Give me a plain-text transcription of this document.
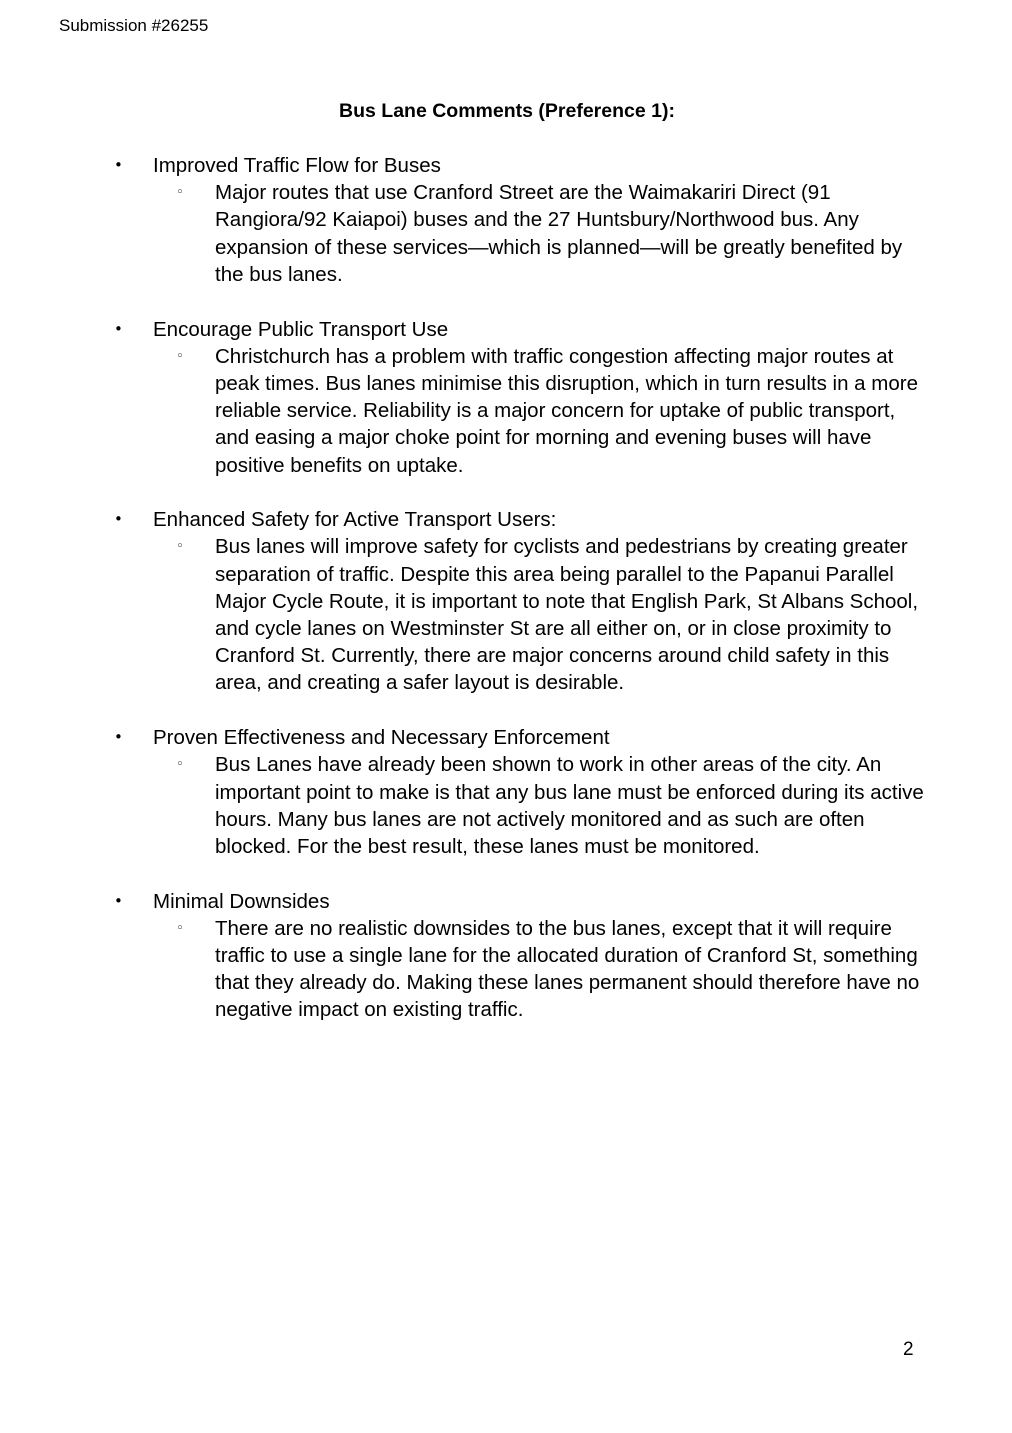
Submission #26255

Bus Lane Comments (Preference 1):
• Improved Traffic Flow for Buses
◦ Major routes that use Cranford Street are the Waimakariri Direct (91 Rangiora/92 Kaiapoi) buses and the 27 Huntsbury/Northwood bus. Any expansion of these services—which is planned—will be greatly benefited by the bus lanes.

• Encourage Public Transport Use
◦ Christchurch has a problem with traffic congestion affecting major routes at peak times. Bus lanes minimise this disruption, which in turn results in a more reliable service. Reliability is a major concern for uptake of public transport, and easing a major choke point for morning and evening buses will have positive benefits on uptake.

• Enhanced Safety for Active Transport Users:
◦ Bus lanes will improve safety for cyclists and pedestrians by creating greater separation of traffic. Despite this area being parallel to the Papanui Parallel Major Cycle Route, it is important to note that English Park, St Albans School, and cycle lanes on Westminster St are all either on, or in close proximity to Cranford St. Currently, there are major concerns around child safety in this area, and creating a safer layout is desirable.

• Proven Effectiveness and Necessary Enforcement
◦ Bus Lanes have already been shown to work in other areas of the city. An important point to make is that any bus lane must be enforced during its active hours. Many bus lanes are not actively monitored and as such are often blocked. For the best result, these lanes must be monitored.

• Minimal Downsides
◦ There are no realistic downsides to the bus lanes, except that it will require traffic to use a single lane for the allocated duration of Cranford St, something that they already do. Making these lanes permanent should therefore have no negative impact on existing traffic.

2
